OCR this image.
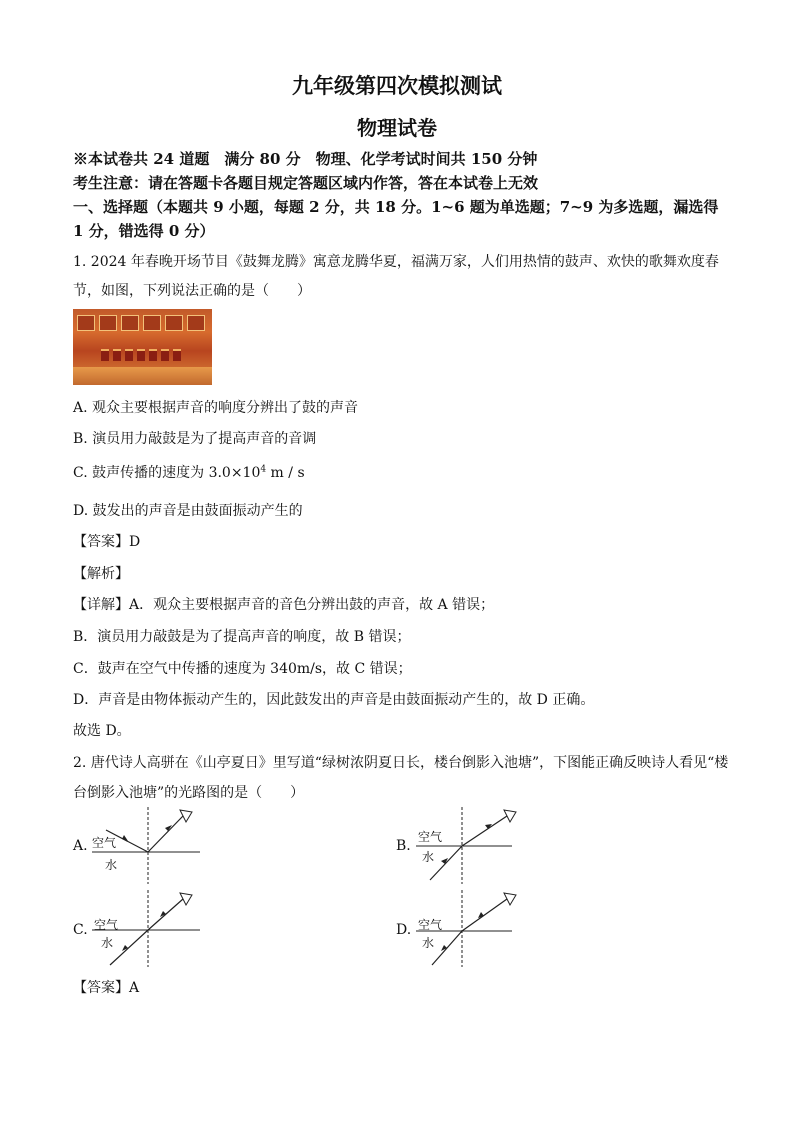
九年级第四次模拟测试
物理试卷
※本试卷共 24 道题　满分 80 分　物理、化学考试时间共 150 分钟
考生注意：请在答题卡各题目规定答题区域内作答，答在本试卷上无效
一、选择题（本题共 9 小题，每题 2 分，共 18 分。1~6 题为单选题；7~9 为多选题，漏选得
1 分，错选得 0 分）
1. 2024 年春晚开场节目《鼓舞龙腾》寓意龙腾华夏，福满万家，人们用热情的鼓声、欢快的歌舞欢度春
节，如图，下列说法正确的是（　　）
A. 观众主要根据声音的响度分辨出了鼓的声音
B. 演员用力敲鼓是为了提高声音的音调
C. 鼓声传播的速度为 $3.0\times 10^4$ m / s
D. 鼓发出的声音是由鼓面振动产生的
【答案】D
【解析】
【详解】A．观众主要根据声音的音色分辨出鼓的声音，故 A 错误；
B．演员用力敲鼓是为了提高声音的响度，故 B 错误；
C．鼓声在空气中传播的速度为 340m/s，故 C 错误；
D．声音是由物体振动产生的，因此鼓发出的声音是由鼓面振动产生的，故 D 正确。
故选 D。
2. 唐代诗人高骈在《山亭夏日》里写道“绿树浓阴夏日长，楼台倒影入池塘”，下图能正确反映诗人看见“楼
台倒影入池塘”的光路图的是（　　）
A. 空气
水
B.
空气
水
C. 空气
水
D. 空气
水
【答案】A
